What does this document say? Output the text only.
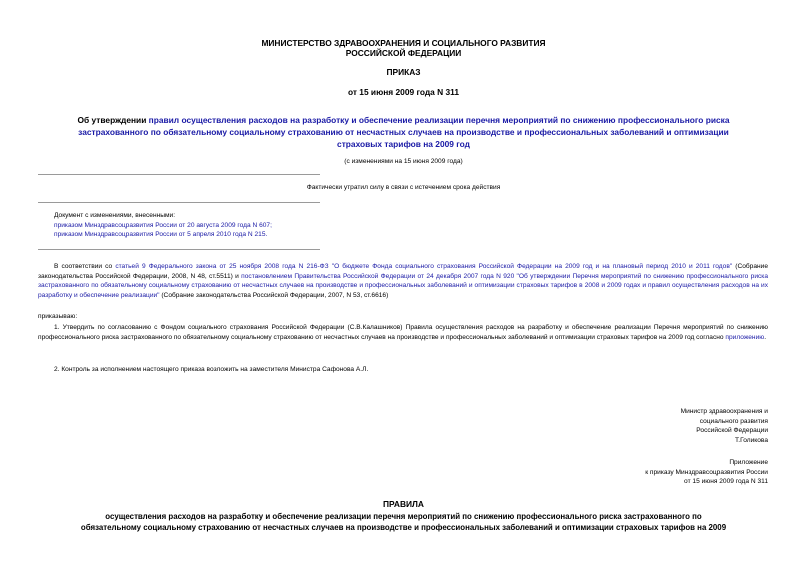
МИНИСТЕРСТВО ЗДРАВООХРАНЕНИЯ И СОЦИАЛЬНОГО РАЗВИТИЯ
РОССИЙСКОЙ ФЕДЕРАЦИИ
ПРИКАЗ
от 15 июня 2009 года N 311
Об утверждении правил осуществления расходов на разработку и обеспечение реализации перечня мероприятий по снижению профессионального риска
застрахованного по обязательному социальному страхованию от несчастных случаев на производстве и профессиональных заболеваний и оптимизации
страховых тарифов на 2009 год
(с изменениями на 15 июня 2009 года)
Фактически утратил силу в связи с истечением срока действия
Документ с изменениями, внесенными:
приказом Минздравсоцразвития России от 20 августа 2009 года N 607;
приказом Минздравсоцразвития России от 5 апреля 2010 года N 215.
В соответствии со статьей 9 Федерального закона от 25 ноября 2008 года N 216-ФЗ "О бюджете Фонда социального страхования Российской Федерации на 2009 год и на плановый период 2010 и 2011 годов" (Собрание законодательства Российской Федерации, 2008, N 48, ст.5511) и постановлением Правительства Российской Федерации от 24 декабря 2007 года N 920 "Об утверждении Перечня мероприятий по снижению профессионального риска застрахованного по обязательному социальному страхованию от несчастных случаев на производстве и профессиональных заболеваний и оптимизации страховых тарифов в 2008 и 2009 годах и правил осуществления расходов на их разработку и обеспечение реализации" (Собрание законодательства Российской Федерации, 2007, N 53, ст.6616)
приказываю:
1. Утвердить по согласованию с Фондом социального страхования Российской Федерации (С.В.Калашников) Правила осуществления расходов на разработку и обеспечение реализации Перечня мероприятий по снижению профессионального риска застрахованного по обязательному социальному страхованию от несчастных случаев на производстве и профессиональных заболеваний и оптимизации страховых тарифов на 2009 год согласно приложению.
2. Контроль за исполнением настоящего приказа возложить на заместителя Министра Сафонова А.Л.
Министр здравоохранения и
социального развития
Российской Федерации
Т.Голикова
Приложение
к приказу Минздравсоцразвития России
от 15 июня 2009 года N 311
ПРАВИЛА
осуществления расходов на разработку и обеспечение реализации перечня мероприятий по снижению профессионального риска застрахованного по
обязательному социальному страхованию от несчастных случаев на производстве и профессиональных заболеваний и оптимизации страховых тарифов на 2009
